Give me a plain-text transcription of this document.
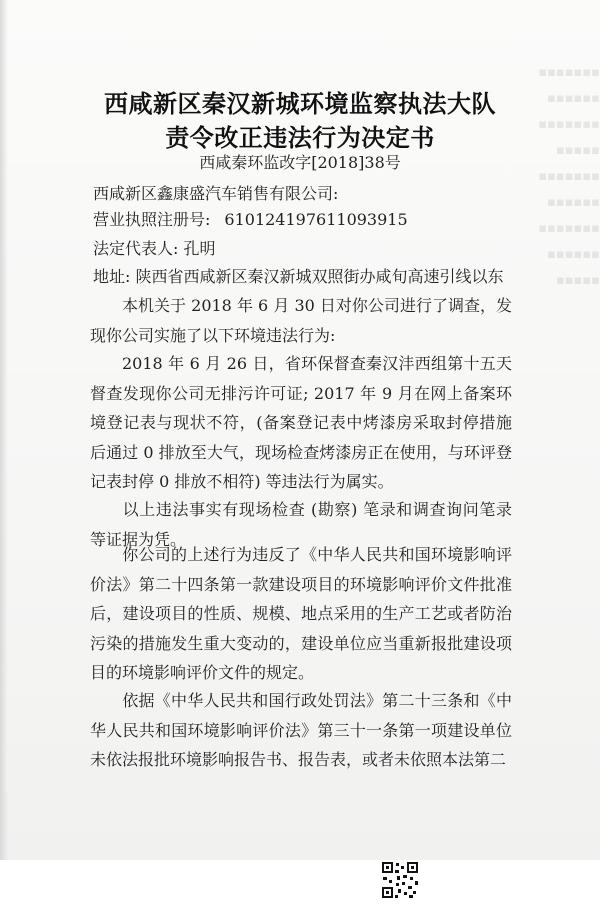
▪▪▪▪▪▪▪
▪▪▪▪▪▪
▪▪▪▪▪▪▪
▪▪▪▪▪
▪▪▪▪▪▪▪
▪▪▪▪▪▪
▪▪▪▪▪▪▪
▪▪▪▪▪▪
▪▪▪▪▪
西咸新区秦汉新城环境监察执法大队
责令改正违法行为决定书
西咸秦环监改字[2018]38号
西咸新区鑫康盛汽车销售有限公司:
营业执照注册号: 610124197611093915
法定代表人: 孔明
地址: 陕西省西咸新区秦汉新城双照街办咸旬高速引线以东

本机关于 2018 年 6 月 30 日对你公司进行了调查，发现你公司实施了以下环境违法行为:

2018 年 6 月 26 日，省环保督查秦汉沣西组第十五天督查发现你公司无排污许可证; 2017 年 9 月在网上备案环境登记表与现状不符，(备案登记表中烤漆房采取封停措施后通过 0 排放至大气，现场检查烤漆房正在使用，与环评登记表封停 0 排放不相符) 等违法行为属实。

以上违法事实有现场检查 (勘察) 笔录和调查询问笔录等证据为凭。

你公司的上述行为违反了《中华人民共和国环境影响评价法》第二十四条第一款建设项目的环境影响评价文件批准后，建设项目的性质、规模、地点采用的生产工艺或者防治污染的措施发生重大变动的，建设单位应当重新报批建设项目的环境影响评价文件的规定。

依据《中华人民共和国行政处罚法》第二十三条和《中华人民共和国环境影响评价法》第三十一条第一项建设单位未依法报批环境影响报告书、报告表，或者未依照本法第二
